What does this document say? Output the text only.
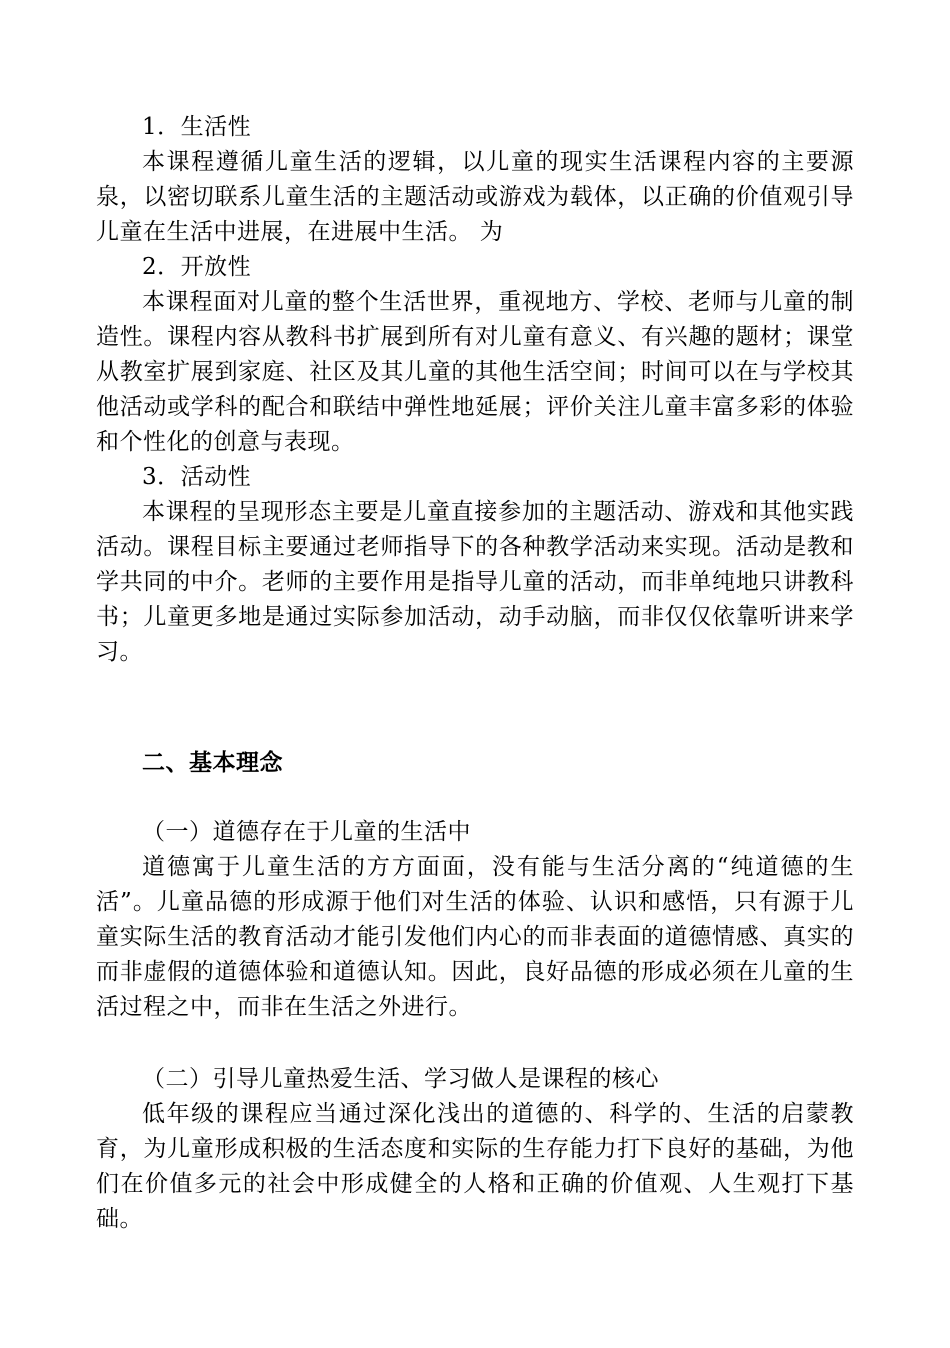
1．生活性

本课程遵循儿童生活的逻辑，以儿童的现实生活课程内容的主要源泉，以密切联系儿童生活的主题活动或游戏为载体，以正确的价值观引导儿童在生活中进展，在进展中生活。 为

2．开放性

本课程面对儿童的整个生活世界，重视地方、学校、老师与儿童的制造性。课程内容从教科书扩展到所有对儿童有意义、有兴趣的题材；课堂从教室扩展到家庭、社区及其儿童的其他生活空间；时间可以在与学校其他活动或学科的配合和联结中弹性地延展；评价关注儿童丰富多彩的体验和个性化的创意与表现。

3．活动性

本课程的呈现形态主要是儿童直接参加的主题活动、游戏和其他实践活动。课程目标主要通过老师指导下的各种教学活动来实现。活动是教和学共同的中介。老师的主要作用是指导儿童的活动，而非单纯地只讲教科书；儿童更多地是通过实际参加活动，动手动脑，而非仅仅依靠听讲来学习。

二、基本理念
（一）道德存在于儿童的生活中

道德寓于儿童生活的方方面面，没有能与生活分离的“纯道德的生活”。儿童品德的形成源于他们对生活的体验、认识和感悟，只有源于儿童实际生活的教育活动才能引发他们内心的而非表面的道德情感、真实的而非虚假的道德体验和道德认知。因此，良好品德的形成必须在儿童的生活过程之中，而非在生活之外进行。

（二）引导儿童热爱生活、学习做人是课程的核心

低年级的课程应当通过深化浅出的道德的、科学的、生活的启蒙教育，为儿童形成积极的生活态度和实际的生存能力打下良好的基础，为他们在价值多元的社会中形成健全的人格和正确的价值观、人生观打下基础。
